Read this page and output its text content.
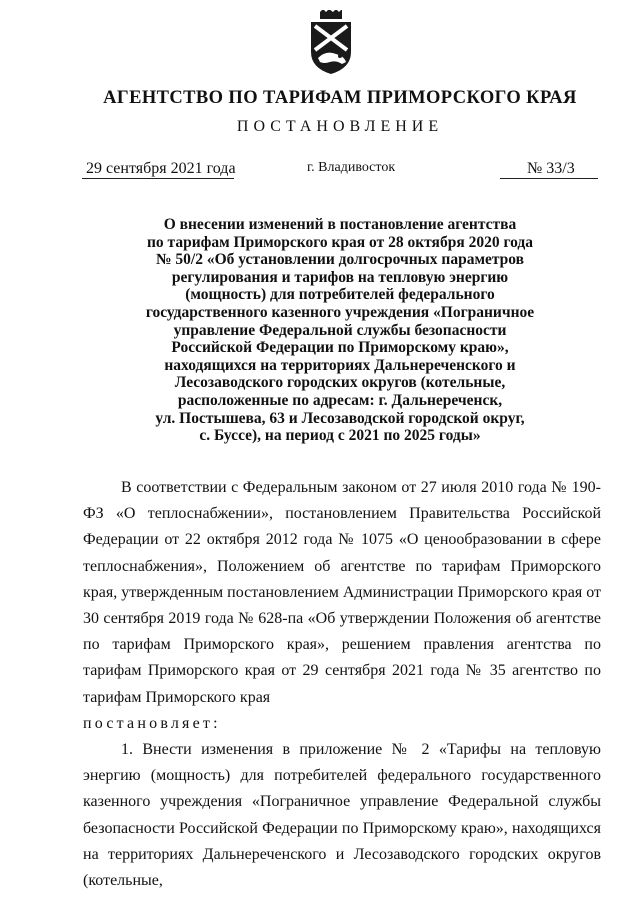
АГЕНТСТВО ПО ТАРИФАМ ПРИМОРСКОГО КРАЯ
ПОСТАНОВЛЕНИЕ
29 сентября 2021 года	г. Владивосток	№ 33/3
О внесении изменений в постановление агентства
по тарифам Приморского края от 28 октября 2020 года
№ 50/2 «Об установлении долгосрочных параметров
регулирования и тарифов на тепловую энергию
(мощность) для потребителей федерального
государственного казенного учреждения «Пограничное
управление Федеральной службы безопасности
Российской Федерации по Приморскому краю»,
находящихся на территориях Дальнереченского и
Лесозаводского городских округов (котельные,
расположенные по адресам: г. Дальнереченск,
ул. Постышева, 63 и Лесозаводской городской округ,
с. Буссе), на период с 2021 по 2025 годы»

В соответствии с Федеральным законом от 27 июля 2010 года № 190-ФЗ «О теплоснабжении», постановлением Правительства Российской Федерации от 22 октября 2012 года № 1075 «О ценообразовании в сфере теплоснабжения», Положением об агентстве по тарифам Приморского края, утвержденным постановлением Администрации Приморского края от 30 сентября 2019 года № 628-па «Об утверждении Положения об агентстве по тарифам Приморского края», решением правления агентства по тарифам Приморского края от 29 сентября 2021 года № 35 агентство по тарифам Приморского края

постановляет:

1. Внести изменения в приложение № 2 «Тарифы на тепловую энергию (мощность) для потребителей федерального государственного казенного учреждения «Пограничное управление Федеральной службы безопасности Российской Федерации по Приморскому краю», находящихся на территориях Дальнереченского и Лесозаводского городских округов (котельные,
